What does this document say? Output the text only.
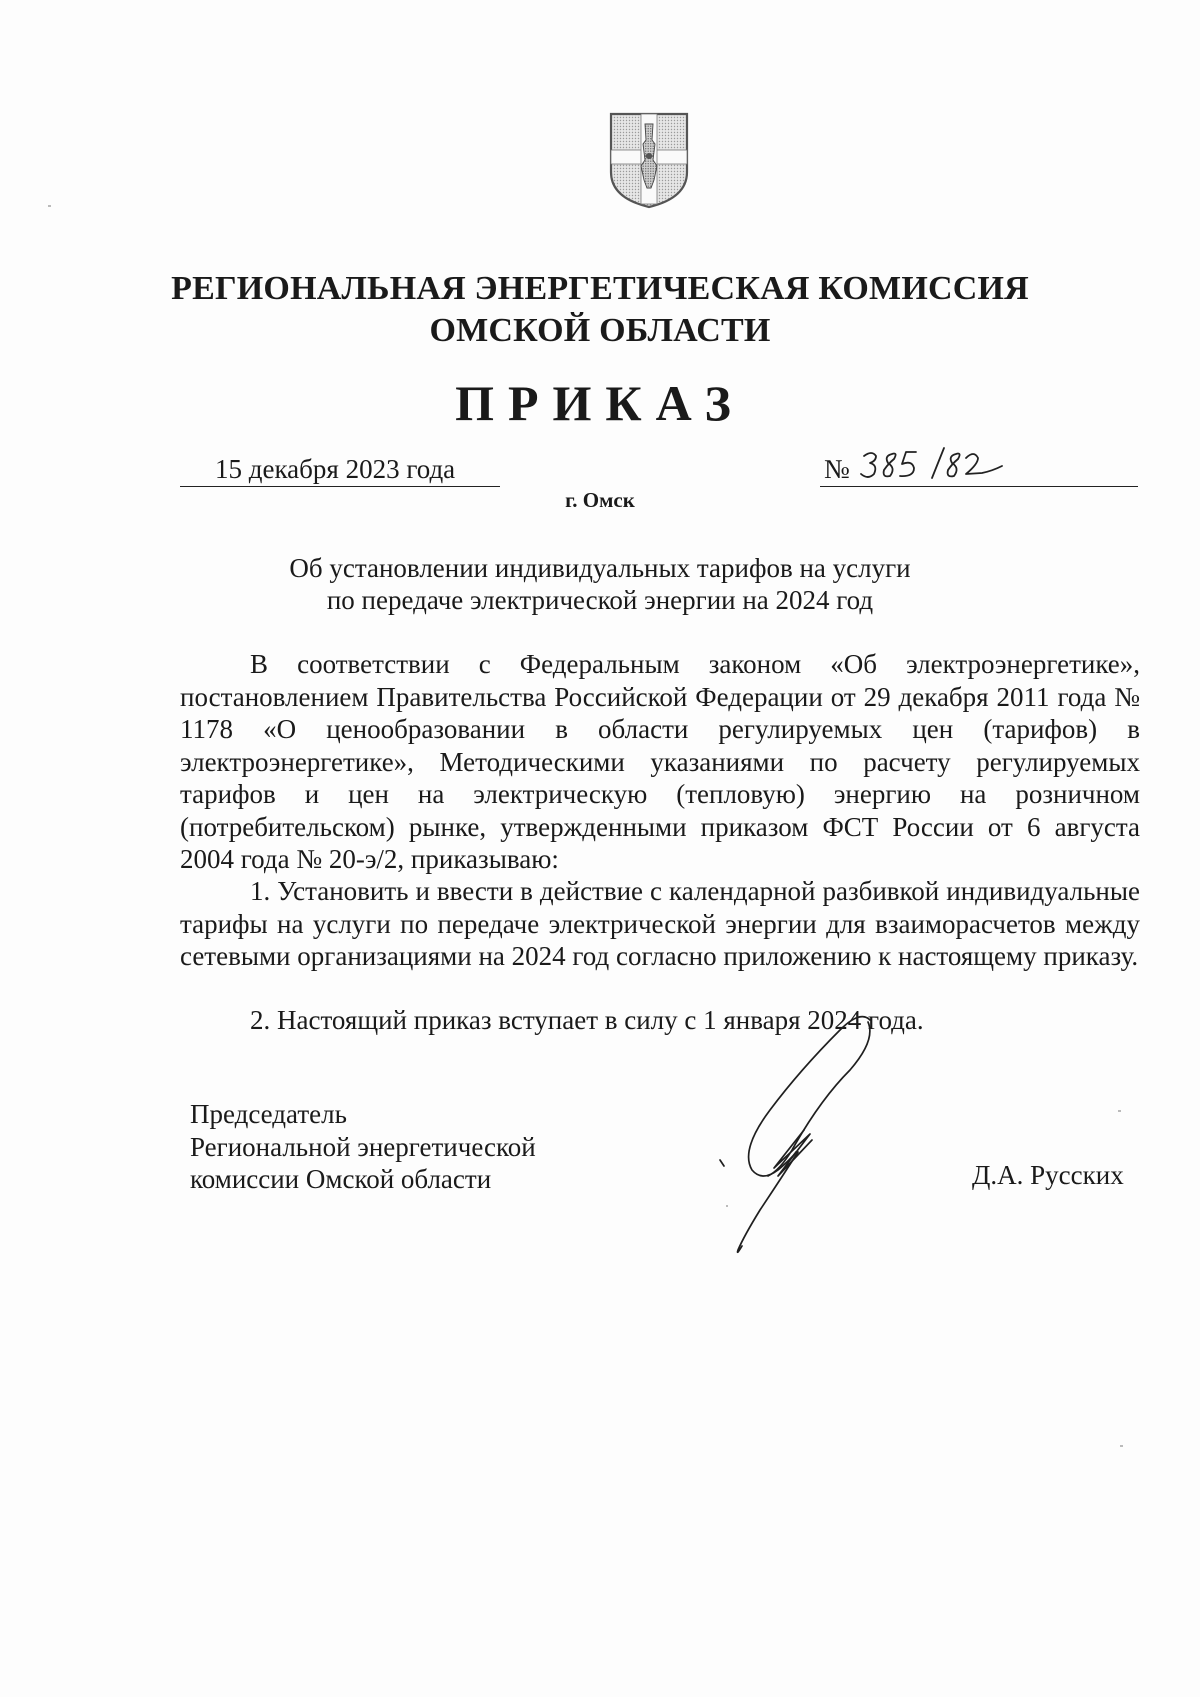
РЕГИОНАЛЬНАЯ ЭНЕРГЕТИЧЕСКАЯ КОМИССИЯ
ОМСКОЙ ОБЛАСТИ
ПРИКАЗ
15 декабря 2023 года	№
г. Омск
Об установлении индивидуальных тарифов на услуги
по передаче электрической энергии на 2024 год

В соответствии с Федеральным законом «Об электроэнергетике», постановлением Правительства Российской Федерации от 29 декабря 2011 года № 1178 «О ценообразовании в области регулируемых цен (тарифов) в электроэнергетике», Методическими указаниями по расчету регулируемых тарифов и цен на электрическую (тепловую) энергию на розничном (потребительском) рынке, утвержденными приказом ФСТ России от 6 августа 2004 года № 20-э/2, приказываю:

1. Установить и ввести в действие с календарной разбивкой индивидуальные тарифы на услуги по передаче электрической энергии для взаиморасчетов между сетевыми организациями на 2024 год согласно приложению к настоящему приказу.

2. Настоящий приказ вступает в силу с 1 января 2024 года.

Председатель
Региональной энергетической
комиссии Омской области	Д.А. Русских
